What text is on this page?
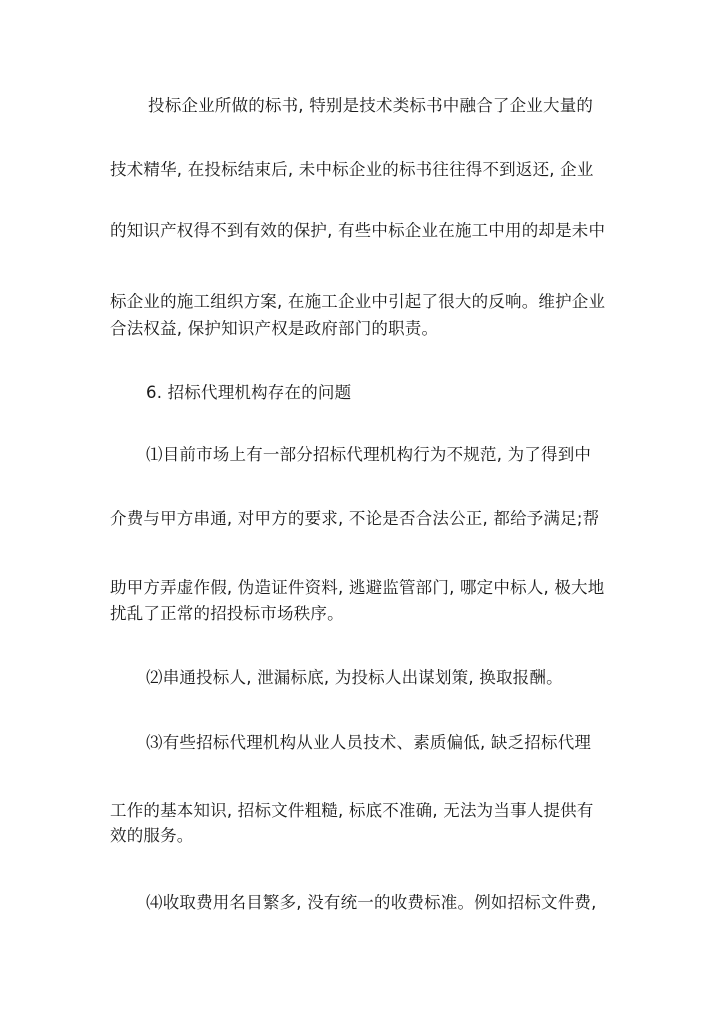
投标企业所做的标书, 特别是技术类标书中融合了企业大量的
技术精华, 在投标结束后, 未中标企业的标书往往得不到返还, 企业
的知识产权得不到有效的保护, 有些中标企业在施工中用的却是未中
标企业的施工组织方案, 在施工企业中引起了很大的反响。维护企业
合法权益, 保护知识产权是政府部门的职责。
6. 招标代理机构存在的问题
⑴目前市场上有一部分招标代理机构行为不规范, 为了得到中
介费与甲方串通, 对甲方的要求, 不论是否合法公正, 都给予满足;帮
助甲方弄虚作假, 伪造证件资料, 逃避监管部门, 哪定中标人, 极大地
扰乱了正常的招投标市场秩序。
⑵串通投标人, 泄漏标底, 为投标人出谋划策, 换取报酬。
⑶有些招标代理机构从业人员技术、素质偏低, 缺乏招标代理
工作的基本知识, 招标文件粗糙, 标底不准确, 无法为当事人提供有
效的服务。
⑷收取费用名目繁多, 没有统一的收费标准。例如招标文件费,
